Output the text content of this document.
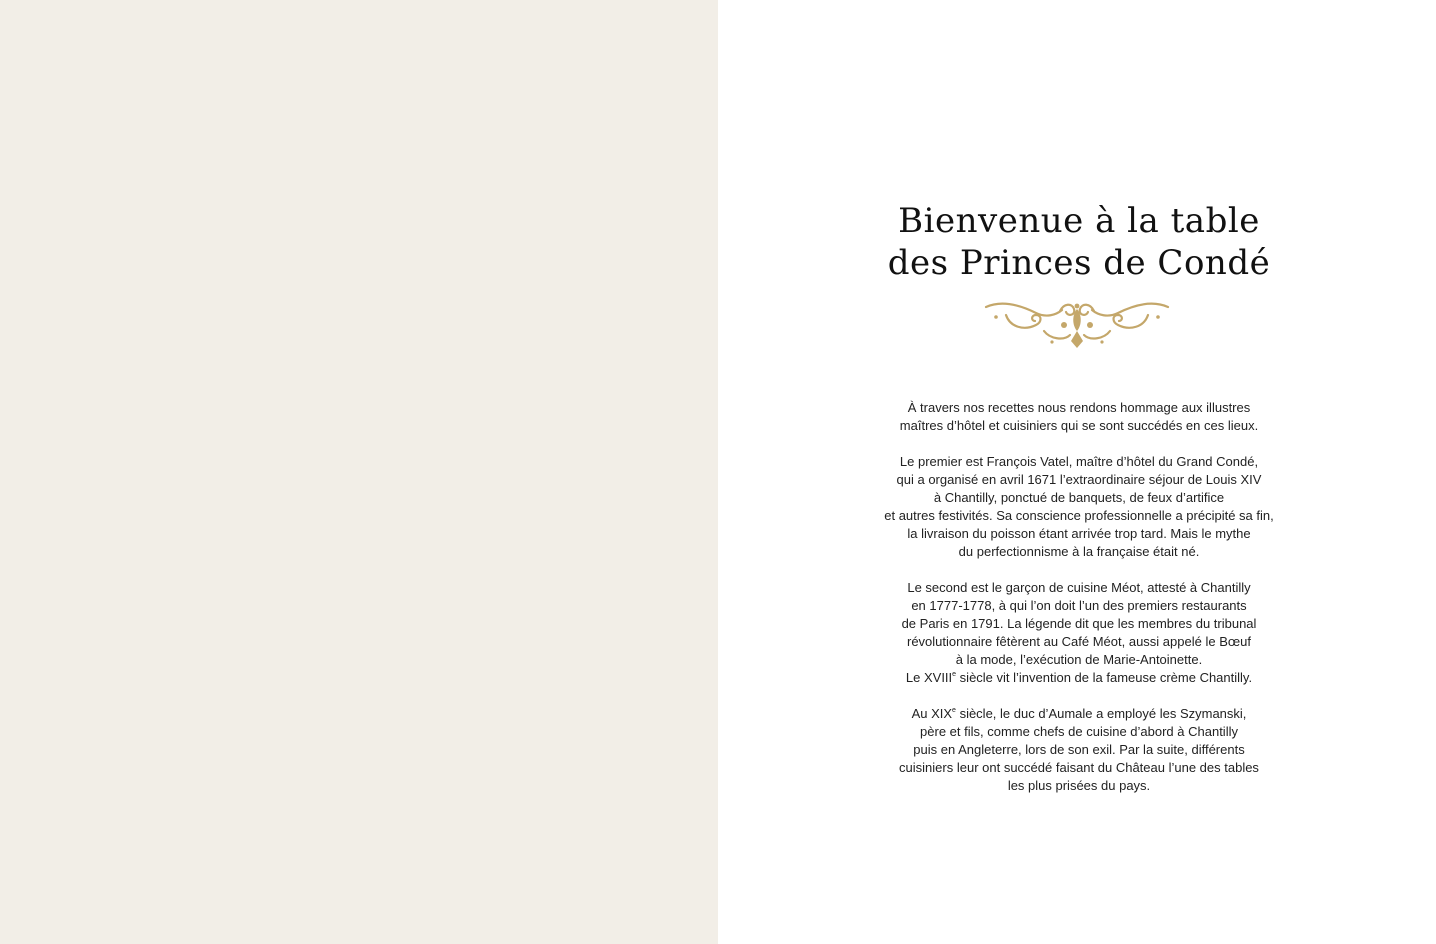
Bienvenue à la table
des Princes de Condé

À travers nos recettes nous rendons hommage aux illustres
maîtres d’hôtel et cuisiniers qui se sont succédés en ces lieux.

Le premier est François Vatel, maître d’hôtel du Grand Condé,
qui a organisé en avril 1671 l’extraordinaire séjour de Louis XIV
à Chantilly, ponctué de banquets, de feux d’artifice
et autres festivités. Sa conscience professionnelle a précipité sa fin,
la livraison du poisson étant arrivée trop tard. Mais le mythe
du perfectionnisme à la française était né.

Le second est le garçon de cuisine Méot, attesté à Chantilly
en 1777-1778, à qui l’on doit l’un des premiers restaurants
de Paris en 1791. La légende dit que les membres du tribunal
révolutionnaire fêtèrent au Café Méot, aussi appelé le Bœuf
à la mode, l’exécution de Marie-Antoinette.
Le XVIIIe siècle vit l’invention de la fameuse crème Chantilly.

Au XIXe siècle, le duc d’Aumale a employé les Szymanski,
père et fils, comme chefs de cuisine d’abord à Chantilly
puis en Angleterre, lors de son exil. Par la suite, différents
cuisiniers leur ont succédé faisant du Château l’une des tables
les plus prisées du pays.
